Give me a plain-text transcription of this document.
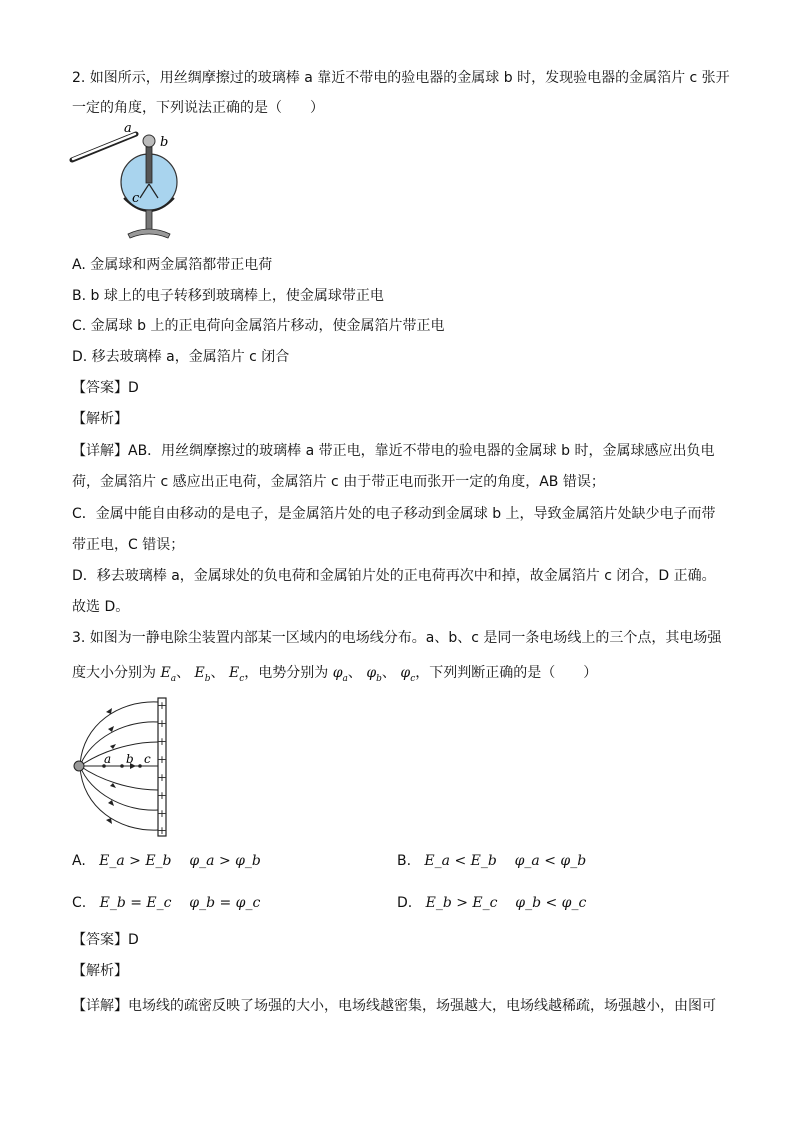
2. 如图所示，用丝绸摩擦过的玻璃棒 a 靠近不带电的验电器的金属球 b 时，发现验电器的金属箔片 c 张开
一定的角度，下列说法正确的是（　　）
a
b
c
A. 金属球和两金属箔都带正电荷
B. b 球上的电子转移到玻璃棒上，使金属球带正电
C. 金属球 b 上的正电荷向金属箔片移动，使金属箔片带正电
D. 移去玻璃棒 a，金属箔片 c 闭合
【答案】D
【解析】
【详解】AB．用丝绸摩擦过的玻璃棒 a 带正电，靠近不带电的验电器的金属球 b 时，金属球感应出负电
荷，金属箔片 c 感应出正电荷，金属箔片 c 由于带正电而张开一定的角度，AB 错误；
C．金属中能自由移动的是电子，是金属箔片处的电子移动到金属球 b 上，导致金属箔片处缺少电子而带
带正电，C 错误；
D．移去玻璃棒 a，金属球处的负电荷和金属铂片处的正电荷再次中和掉，故金属箔片 c 闭合，D 正确。
故选 D。
3. 如图为一静电除尘装置内部某一区域内的电场线分布。a、b、c 是同一条电场线上的三个点，其电场强
度大小分别为 $E_a$、 $E_b$、 $E_c$，电势分别为 $\varphi_a$、 $\varphi_b$、 $\varphi_c$，下列判断正确的是（　　）
+
+
+
+
+
+
+
+
a b c
A. E_a > E_b φ_a > φ_b	B. E_a < E_b φ_a < φ_b
C. E_b = E_c φ_b = φ_c	D. E_b > E_c φ_b < φ_c
【答案】D
【解析】
【详解】电场线的疏密反映了场强的大小，电场线越密集，场强越大，电场线越稀疏，场强越小，由图可
